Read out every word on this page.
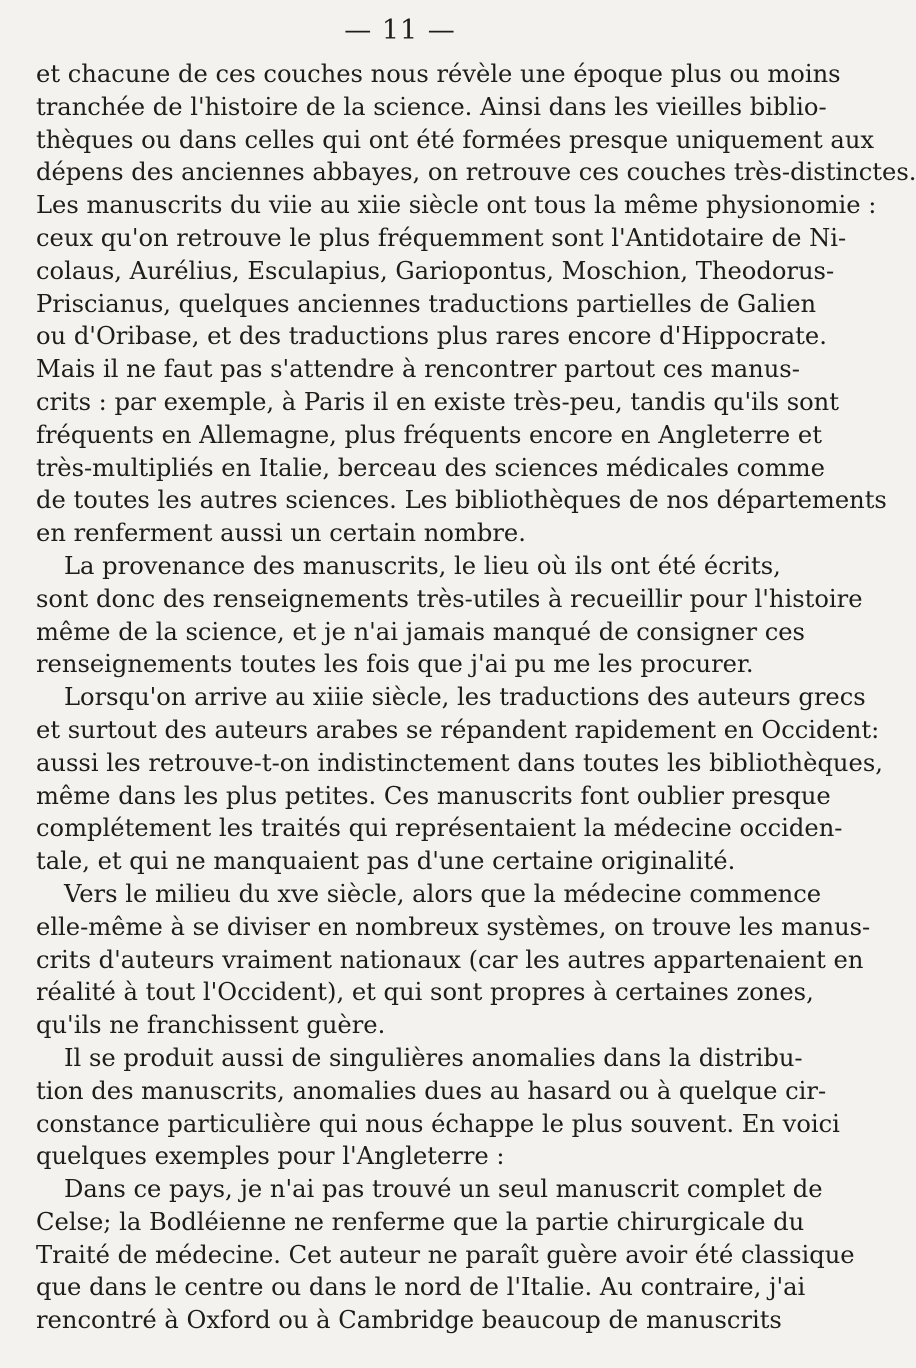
— 11 —
et chacune de ces couches nous révèle une époque plus ou moins
tranchée de l'histoire de la science. Ainsi dans les vieilles biblio-
thèques ou dans celles qui ont été formées presque uniquement aux
dépens des anciennes abbayes, on retrouve ces couches très-distinctes.
Les manuscrits du viie au xiie siècle ont tous la même physionomie :
ceux qu'on retrouve le plus fréquemment sont l'Antidotaire de Ni-
colaus, Aurélius, Esculapius, Gariopontus, Moschion, Theodorus-
Priscianus, quelques anciennes traductions partielles de Galien
ou d'Oribase, et des traductions plus rares encore d'Hippocrate.
Mais il ne faut pas s'attendre à rencontrer partout ces manus-
crits : par exemple, à Paris il en existe très-peu, tandis qu'ils sont
fréquents en Allemagne, plus fréquents encore en Angleterre et
très-multipliés en Italie, berceau des sciences médicales comme
de toutes les autres sciences. Les bibliothèques de nos départements
en renferment aussi un certain nombre.
La provenance des manuscrits, le lieu où ils ont été écrits,
sont donc des renseignements très-utiles à recueillir pour l'histoire
même de la science, et je n'ai jamais manqué de consigner ces
renseignements toutes les fois que j'ai pu me les procurer.
Lorsqu'on arrive au xiiie siècle, les traductions des auteurs grecs
et surtout des auteurs arabes se répandent rapidement en Occident:
aussi les retrouve-t-on indistinctement dans toutes les bibliothèques,
même dans les plus petites. Ces manuscrits font oublier presque
complétement les traités qui représentaient la médecine occiden-
tale, et qui ne manquaient pas d'une certaine originalité.
Vers le milieu du xve siècle, alors que la médecine commence
elle-même à se diviser en nombreux systèmes, on trouve les manus-
crits d'auteurs vraiment nationaux (car les autres appartenaient en
réalité à tout l'Occident), et qui sont propres à certaines zones,
qu'ils ne franchissent guère.
Il se produit aussi de singulières anomalies dans la distribu-
tion des manuscrits, anomalies dues au hasard ou à quelque cir-
constance particulière qui nous échappe le plus souvent. En voici
quelques exemples pour l'Angleterre :
Dans ce pays, je n'ai pas trouvé un seul manuscrit complet de
Celse; la Bodléienne ne renferme que la partie chirurgicale du
Traité de médecine. Cet auteur ne paraît guère avoir été classique
que dans le centre ou dans le nord de l'Italie. Au contraire, j'ai
rencontré à Oxford ou à Cambridge beaucoup de manuscrits
